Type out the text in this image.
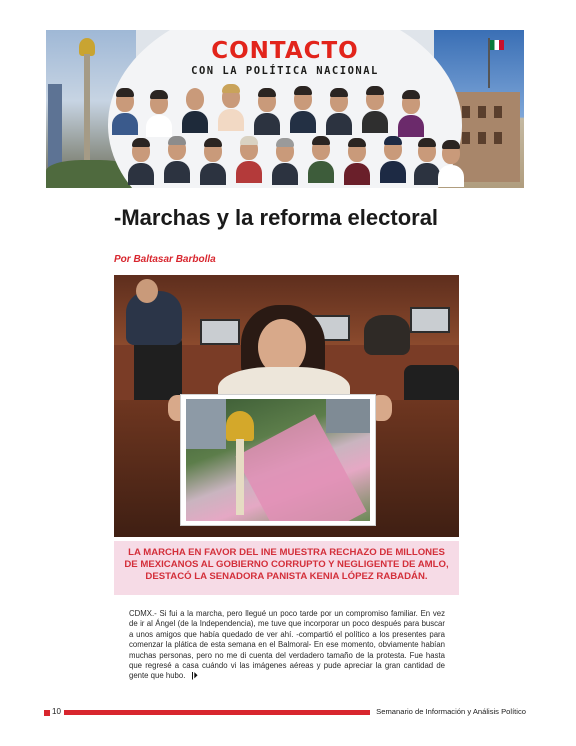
CONTACTO
CON LA POLÍTICA NACIONAL
-Marchas y la reforma electoral
Por Baltasar Barbolla

LA MARCHA EN FAVOR DEL INE MUESTRA RECHAZO DE MILLONES DE MEXICANOS AL GOBIERNO CORRUPTO Y NEGLIGENTE DE AMLO, DESTACÓ LA SENADORA PANISTA KENIA LÓPEZ RABADÁN.

CDMX.- Si fui a la marcha, pero llegué un poco tarde por un compromiso familiar. En vez de ir al Ángel (de la Independencia), me tuve que incorporar un poco después para buscar a unos amigos que había quedado de ver ahí. -compartió el político a los presentes para comenzar la plática de esta semana en el Balmoral- En ese momento, obviamente habían muchas personas, pero no me di cuenta del verdadero tamaño de la protesta. Fue hasta que regresé a casa cuándo vi las imágenes aéreas y pude apreciar la gran cantidad de gente que hubo. |⏵
10	Semanario de Información y Análisis Político
